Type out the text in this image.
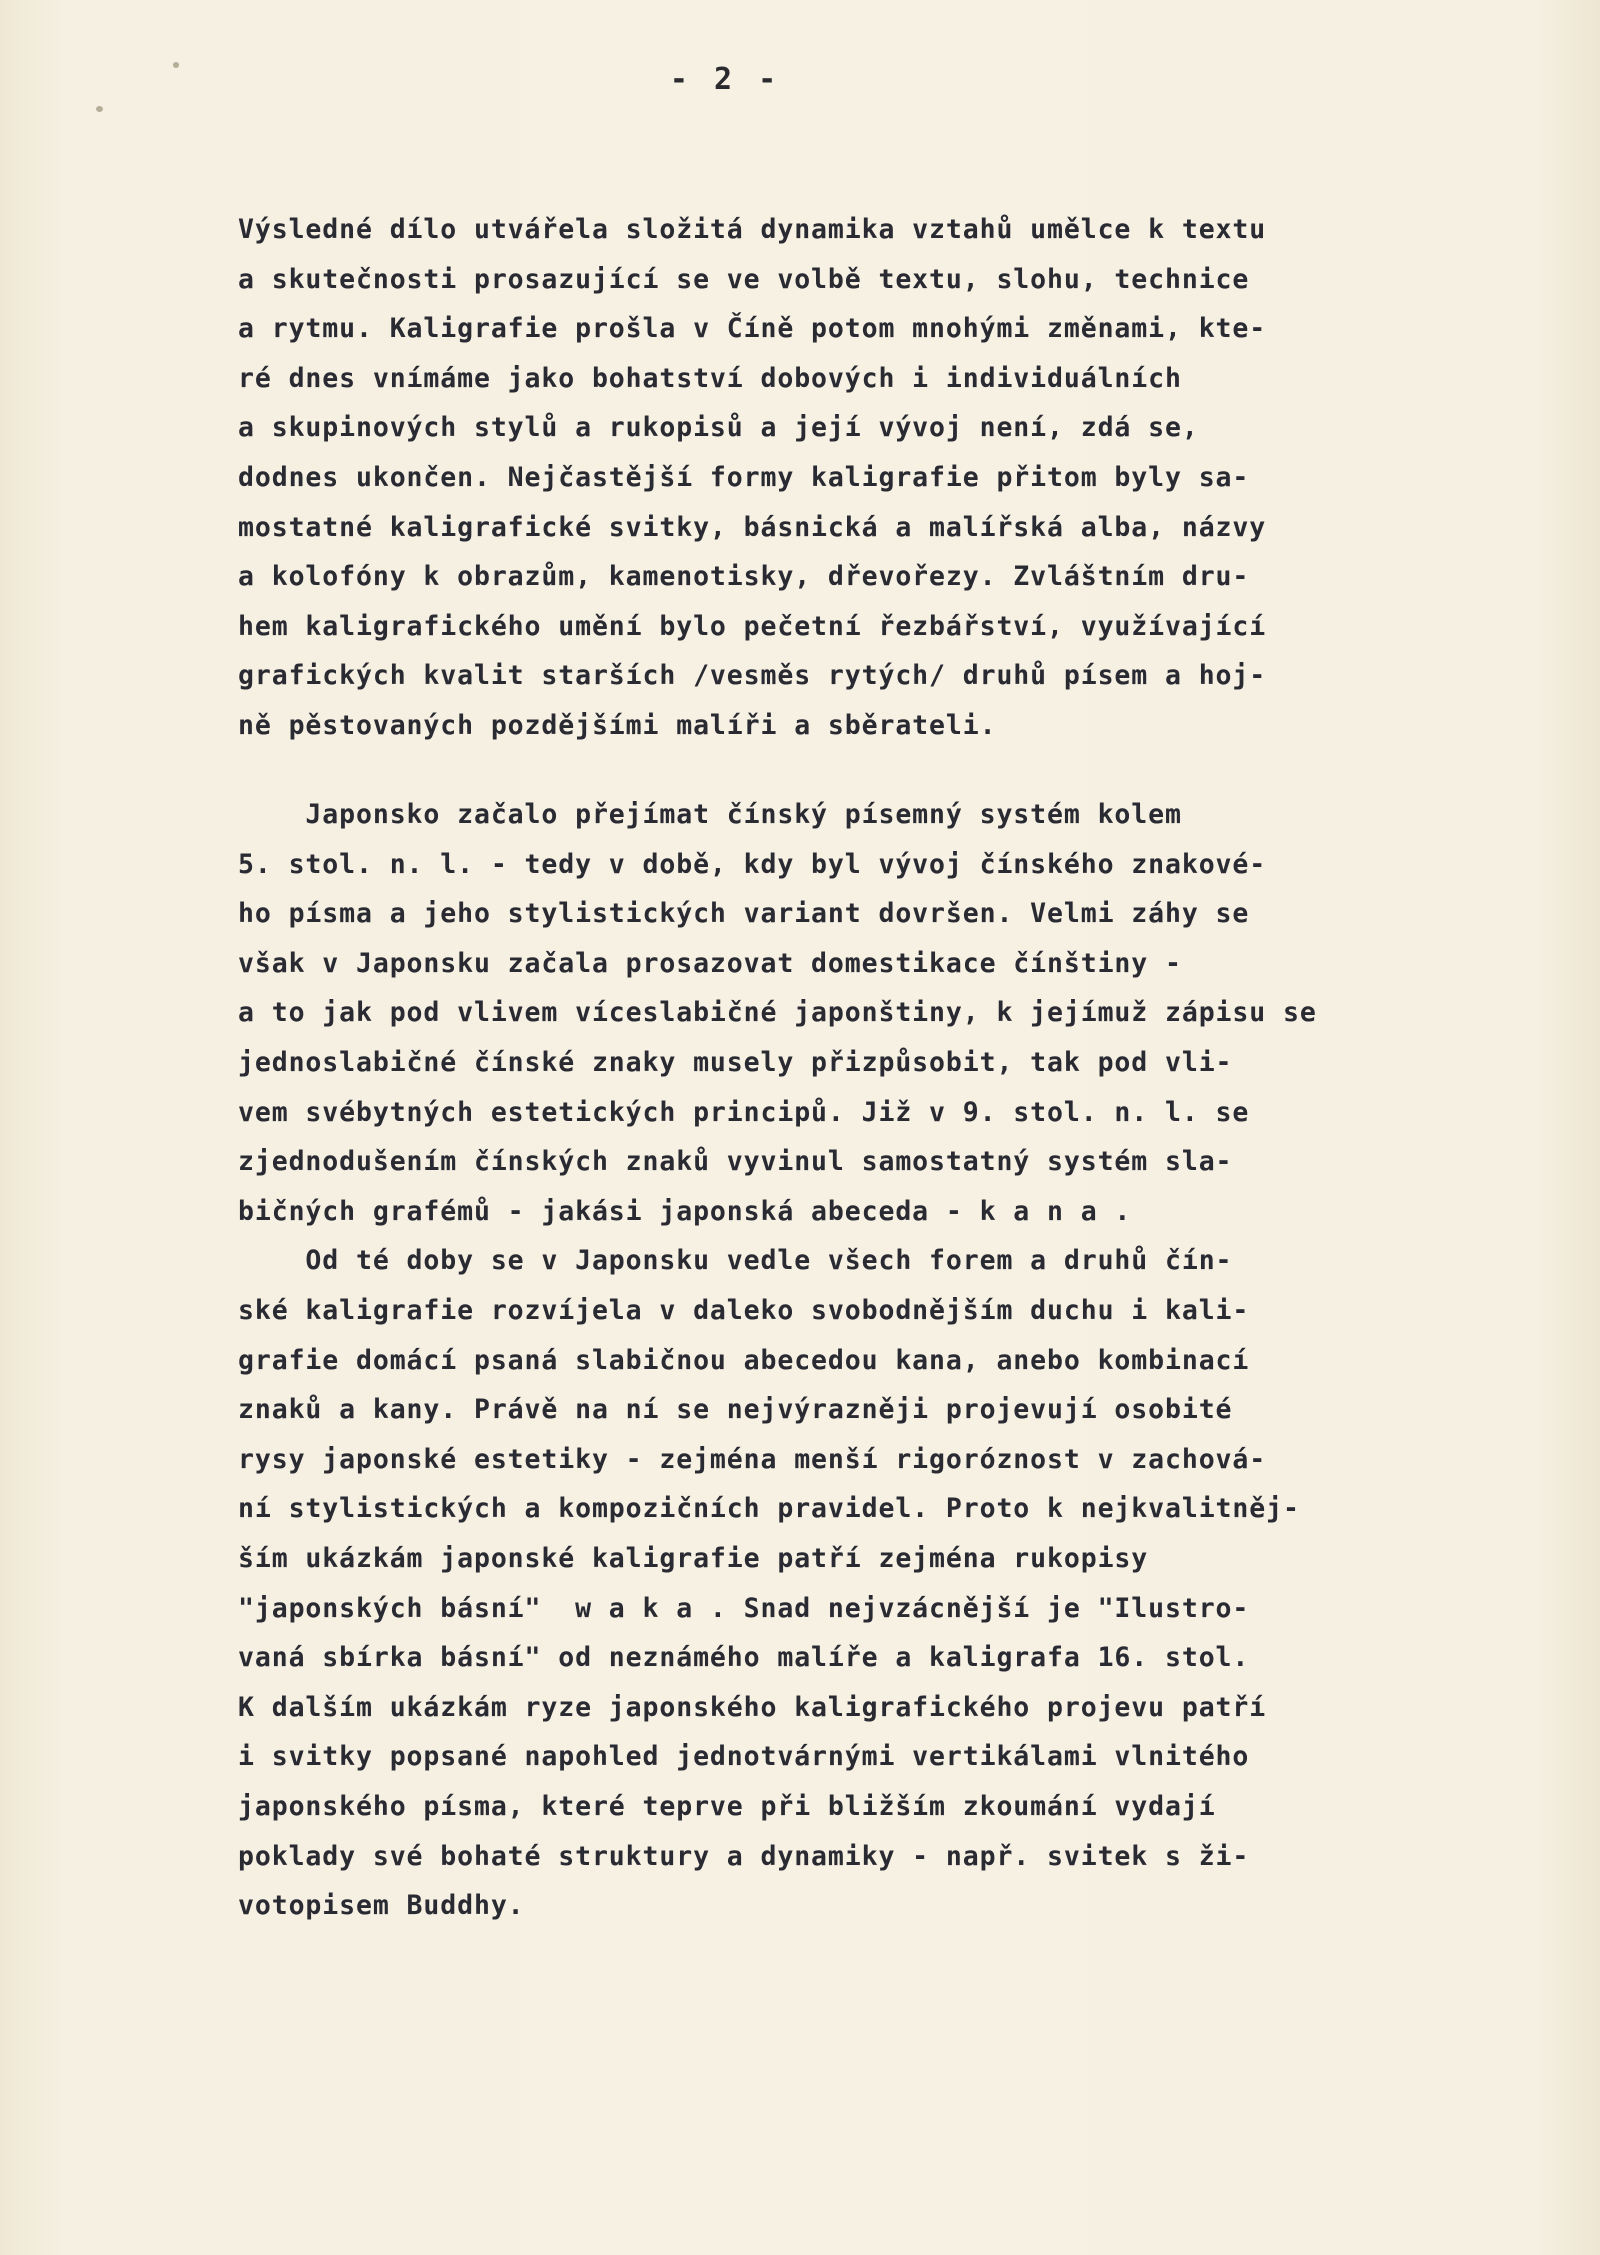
- 2 -
Výsledné dílo utvářela složitá dynamika vztahů umělce k textu
a skutečnosti prosazující se ve volbě textu, slohu, technice
a rytmu. Kaligrafie prošla v Číně potom mnohými změnami, kte-
ré dnes vnímáme jako bohatství dobových i individuálních
a skupinových stylů a rukopisů a její vývoj není, zdá se,
dodnes ukončen. Nejčastější formy kaligrafie přitom byly sa-
mostatné kaligrafické svitky, básnická a malířská alba, názvy
a kolofóny k obrazům, kamenotisky, dřevořezy. Zvláštním dru-
hem kaligrafického umění bylo pečetní řezbářství, využívající
grafických kvalit starších /vesměs rytých/ druhů písem a hoj-
ně pěstovaných pozdějšími malíři a sběrateli.
Japonsko začalo přejímat čínský písemný systém kolem
5. stol. n. l. - tedy v době, kdy byl vývoj čínského znakové-
ho písma a jeho stylistických variant dovršen. Velmi záhy se
však v Japonsku začala prosazovat domestikace čínštiny -
a to jak pod vlivem víceslabičné japonštiny, k jejímuž zápisu se
jednoslabičné čínské znaky musely přizpůsobit, tak pod vli-
vem svébytných estetických principů. Již v 9. stol. n. l. se
zjednodušením čínských znaků vyvinul samostatný systém sla-
bičných grafémů - jakási japonská abeceda - k a n a .
Od té doby se v Japonsku vedle všech forem a druhů čín-
ské kaligrafie rozvíjela v daleko svobodnějším duchu i kali-
grafie domácí psaná slabičnou abecedou kana, anebo kombinací
znaků a kany. Právě na ní se nejvýrazněji projevují osobité
rysy japonské estetiky - zejména menší rigoróznost v zachová-
ní stylistických a kompozičních pravidel. Proto k nejkvalitněj-
ším ukázkám japonské kaligrafie patří zejména rukopisy
"japonských básní"  w a k a . Snad nejvzácnější je "Ilustro-
vaná sbírka básní" od neznámého malíře a kaligrafa 16. stol.
K dalším ukázkám ryze japonského kaligrafického projevu patří
i svitky popsané napohled jednotvárnými vertikálami vlnitého
japonského písma, které teprve při bližším zkoumání vydají
poklady své bohaté struktury a dynamiky - např. svitek s ži-
votopisem Buddhy.
